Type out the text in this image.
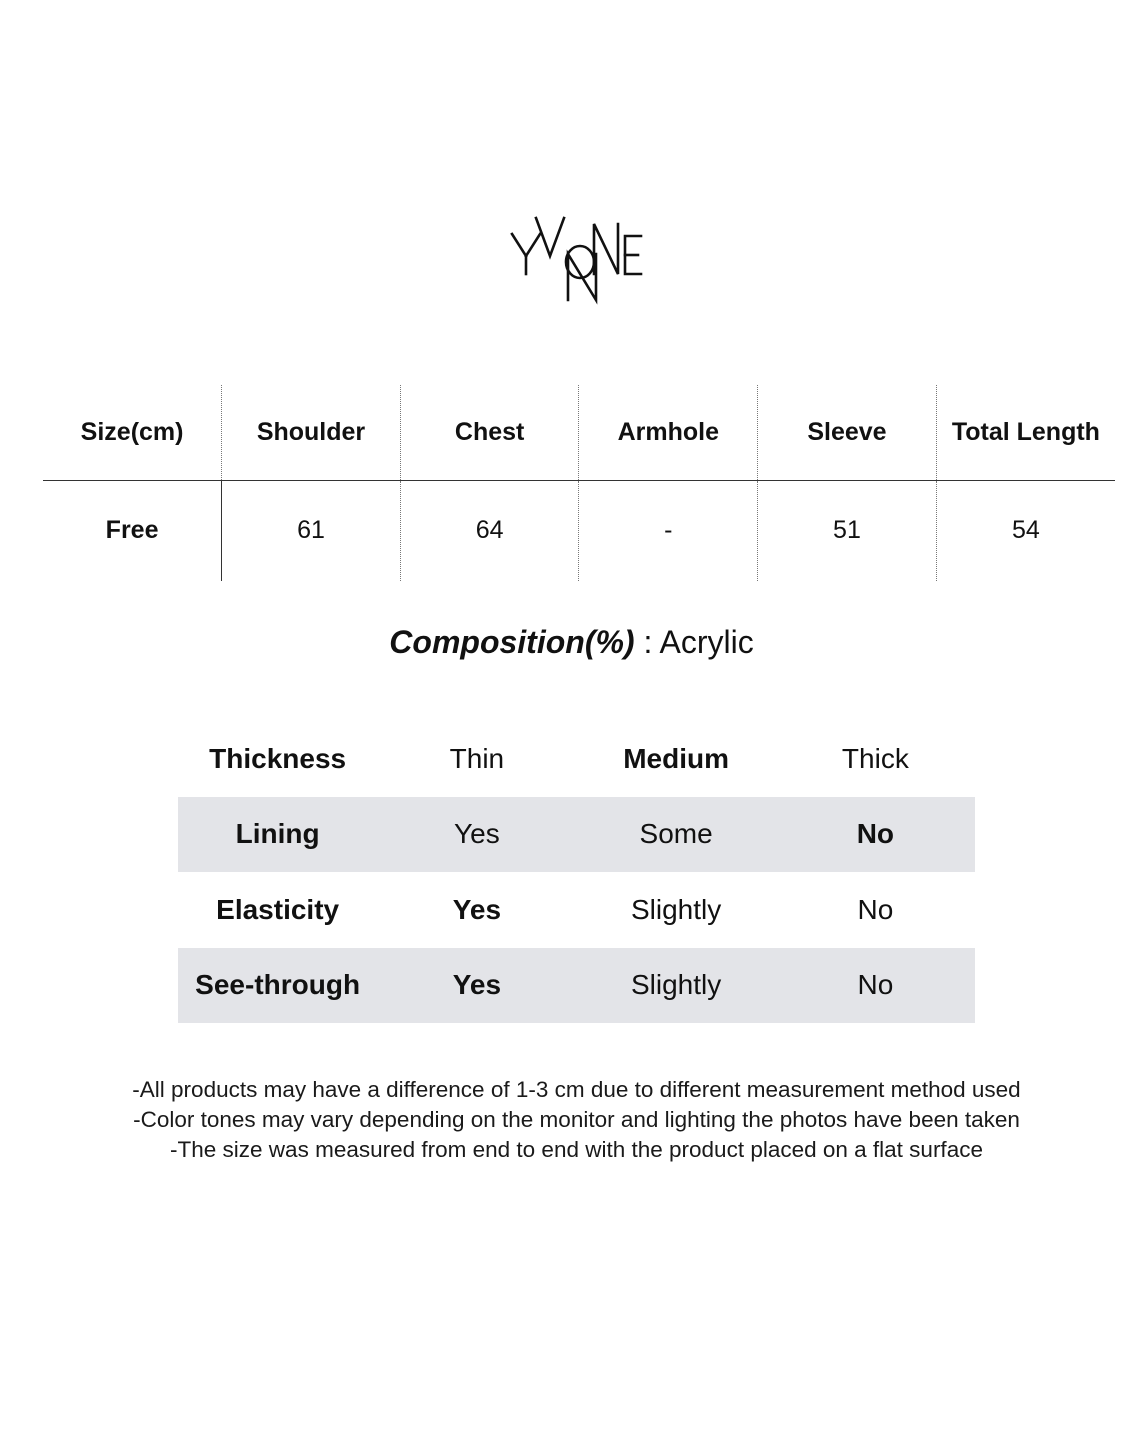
Size(cm)	Shoulder	Chest	Armhole	Sleeve	Total Length
Free	61	64	-	51	54
Composition(%) : Acrylic
Thickness	Thin	Medium	Thick
Lining	Yes	Some	No
Elasticity	Yes	Slightly	No
See-through	Yes	Slightly	No
-All products may have a difference of 1-3 cm due to different measurement method used
-Color tones may vary depending on the monitor and lighting the photos have been taken
-The size was measured from end to end with the product placed on a flat surface
